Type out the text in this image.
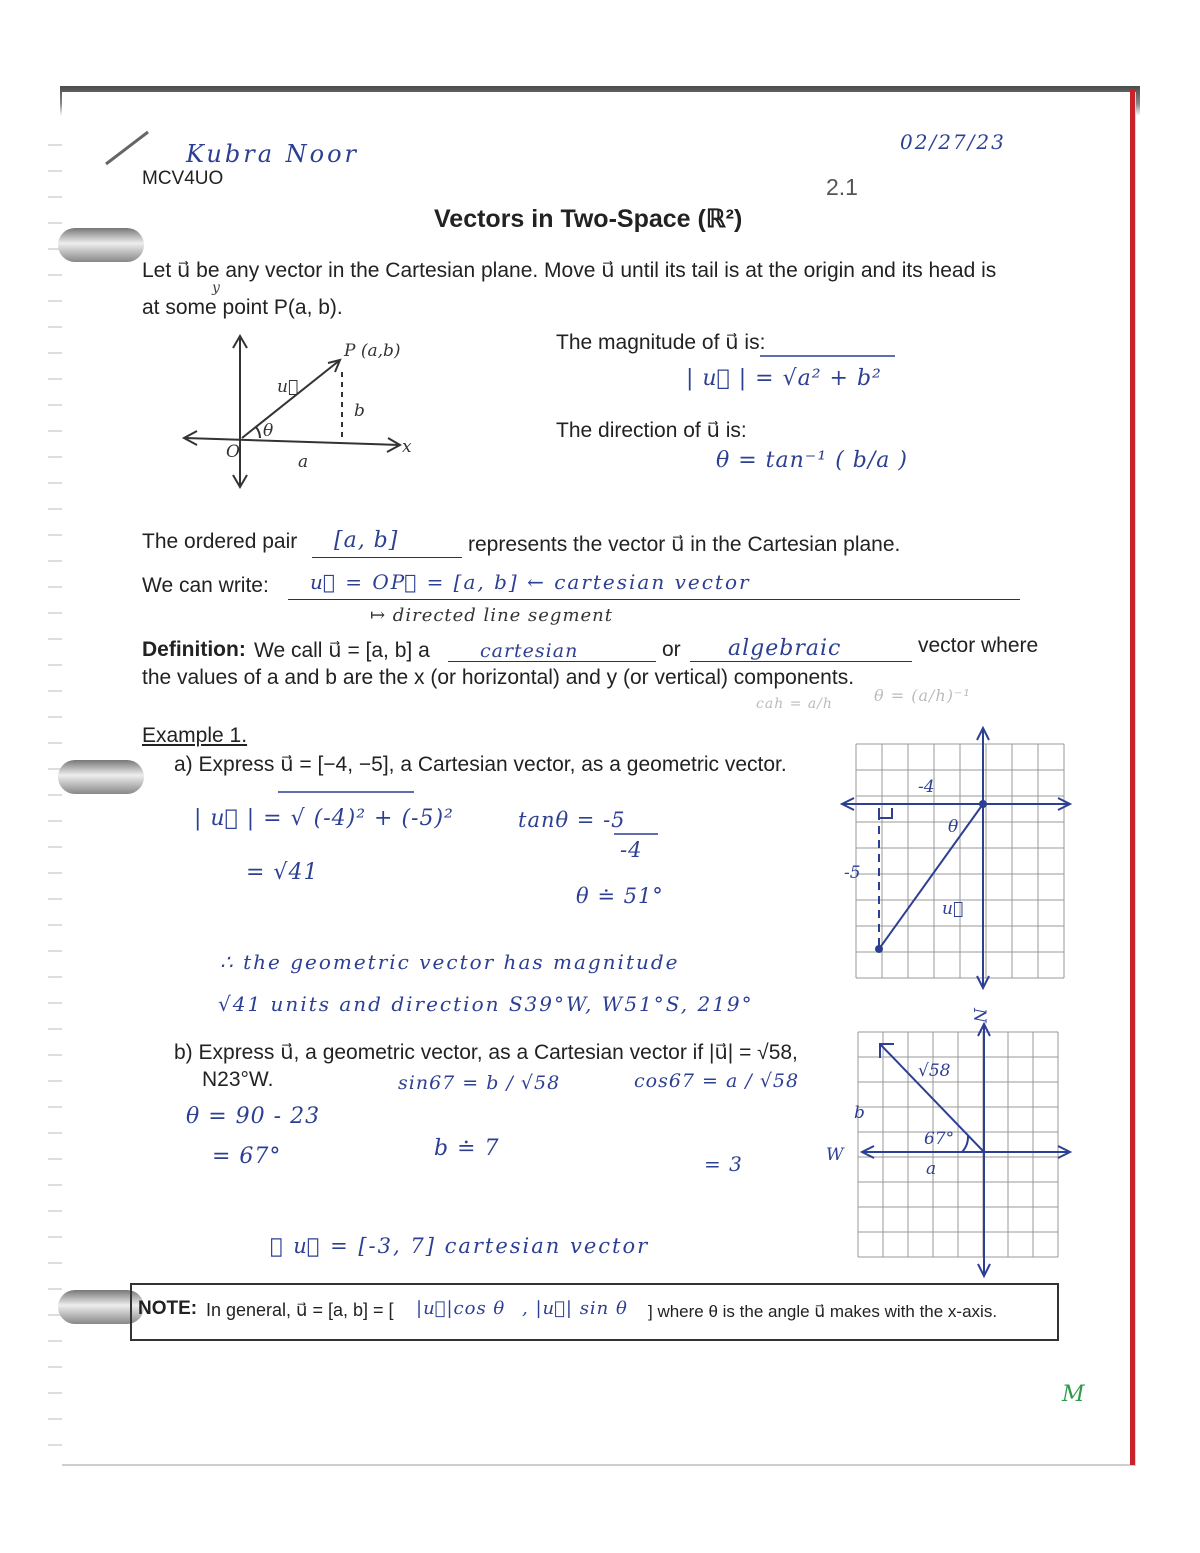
Kubra Noor	02/27/23
MCV4UO	2.1
Vectors in Two-Space (ℝ²)
Let u⃗ be any vector in the Cartesian plane. Move u⃗ until its tail is at the origin and its head is
y
at some point P(a, b).
P (a,b)
u⃗
b
θ
O	a
x
The magnitude of u⃗ is:
| u⃗ | = √a² + b²
The direction of u⃗ is:
θ = tan⁻¹ ( b/a )
The ordered pair [a, b]	represents the vector u⃗ in the Cartesian plane.
We can write: u⃗ = OP⃗ = [a, b] ← cartesian vector
↦ directed line segment
Definition: We call u⃗ = [a, b] a	cartesian	or algebraic	vector where
the values of a and b are the x (or horizontal) and y (or vertical) components.
cah = a/h	θ = (a/h)⁻¹
Example 1.
a) Express u⃗ = [−4, −5], a Cartesian vector, as a geometric vector.
| u⃗ | = √ (-4)² + (-5)²
= √41
tanθ = -5
-4
θ ≐ 51°
∴ the geometric vector has magnitude
√41 units and direction S39°W, W51°S, 219°
-4
-5
θ
u⃗
b) Express u⃗, a geometric vector, as a Cartesian vector if |u⃗| = √58,
N23°W.
θ = 90 - 23
= 67°
sin67 = b / √58
b ≐ 7
cos67 = a / √58
= 3
∴ u⃗ = [-3, 7] cartesian vector
N
W
b
a
√58
67°
NOTE: In general, u⃗ = [a, b] = [ |u⃗|cos θ , |u⃗| sin θ ] where θ is the angle u⃗ makes with the x-axis.
M
